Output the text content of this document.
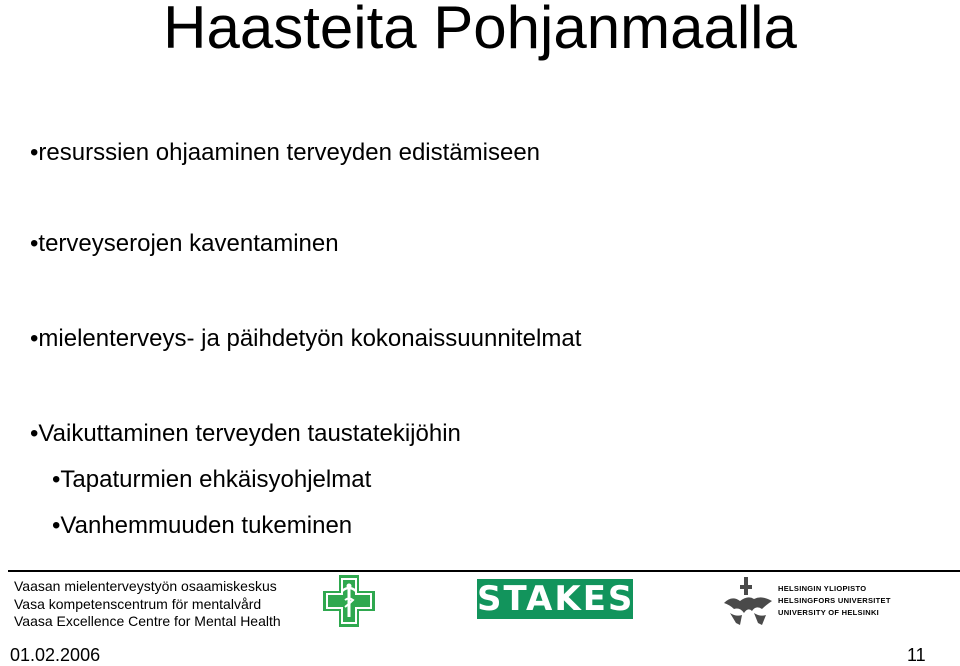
Haasteita Pohjanmaalla
•resurssien ohjaaminen terveyden edistämiseen
•terveyserojen kaventaminen
•mielenterveys- ja päihdetyön kokonaissuunnitelmat
•Vaikuttaminen terveyden taustatekijöhin
•Tapaturmien ehkäisyohjelmat
•Vanhemmuuden tukeminen
Vaasan mielenterveystyön osaamiskeskus
Vasa kompetenscentrum för mentalvård
Vaasa Excellence Centre for Mental Health
STAKES	HELSINGIN YLIOPISTO
HELSINGFORS UNIVERSITET
UNIVERSITY OF HELSINKI
01.02.2006	11
